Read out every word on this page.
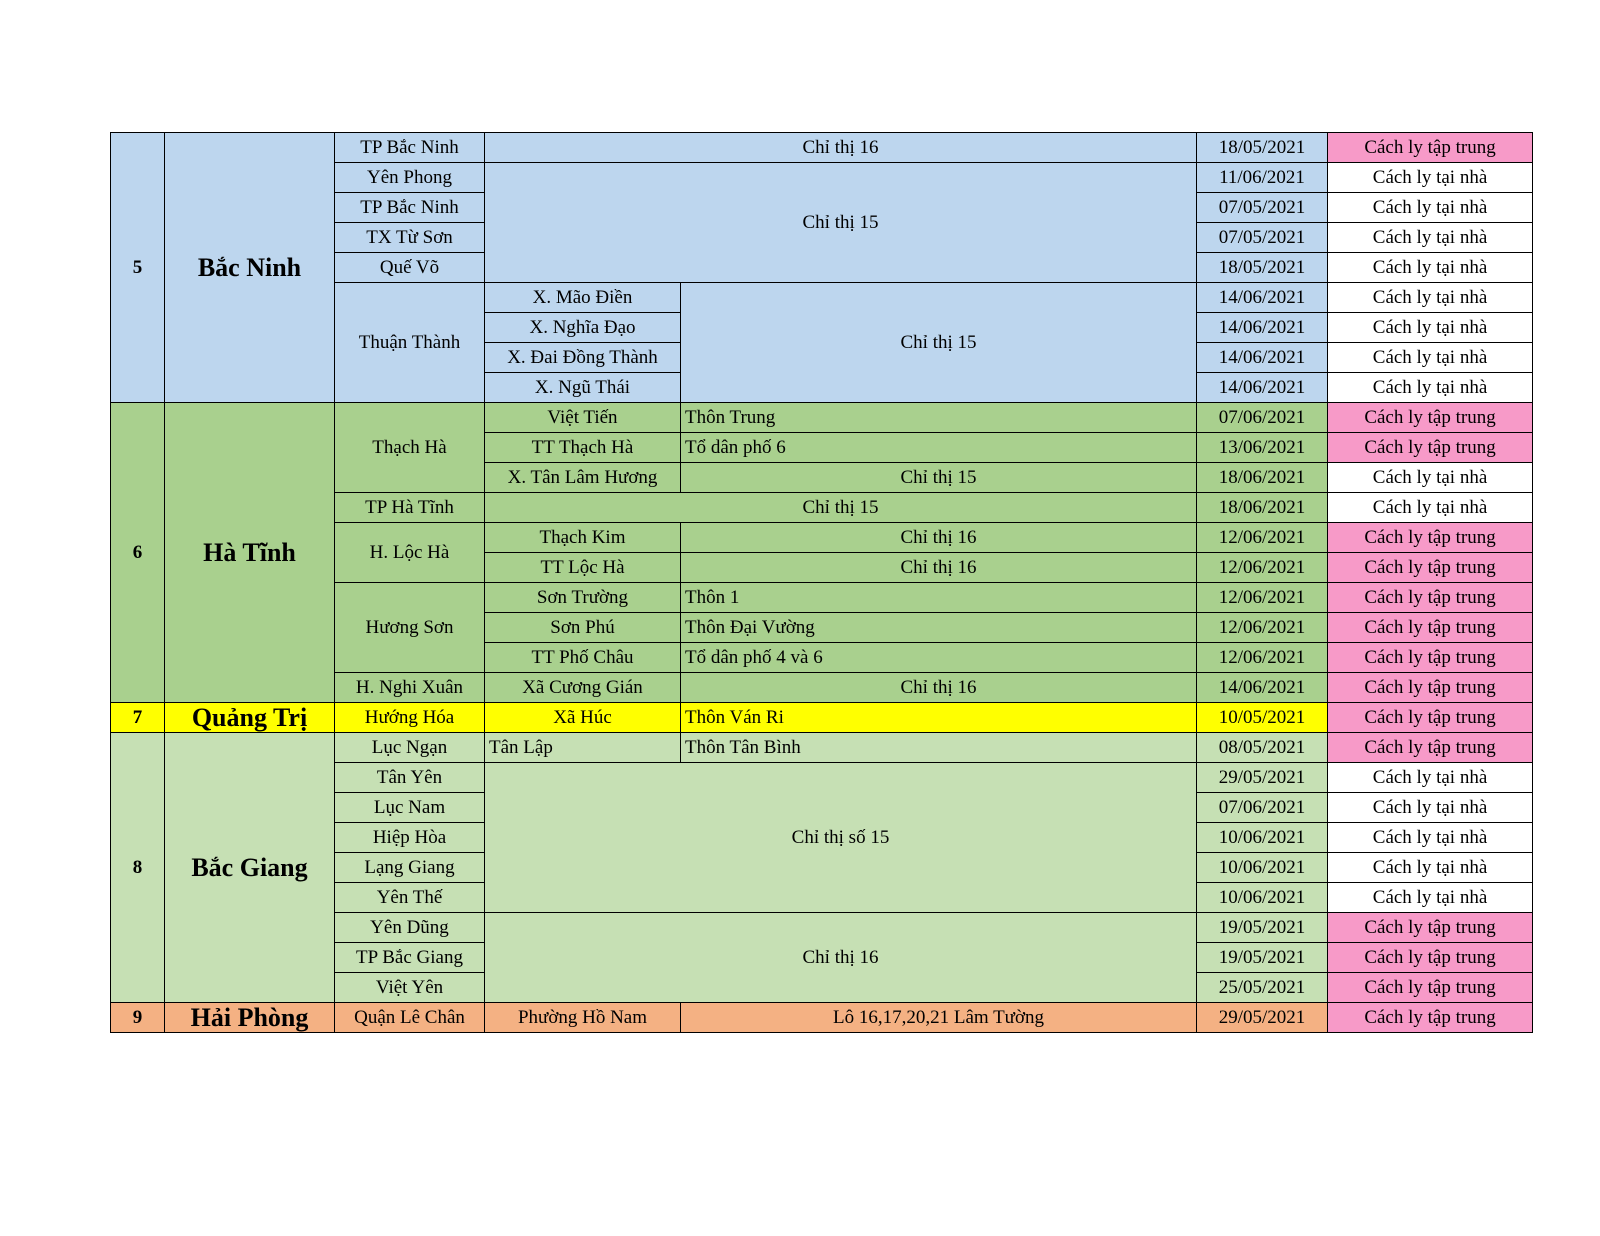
5	Bắc Ninh	TP Bắc Ninh	Chỉ thị 16		18/05/2021	Cách ly tập trung
		Yên Phong	Chỉ thị 15		11/06/2021	Cách ly tại nhà
		TP Bắc Ninh			07/05/2021	Cách ly tại nhà
		TX Từ Sơn			07/05/2021	Cách ly tại nhà
		Quế Võ			18/05/2021	Cách ly tại nhà
		Thuận Thành	X. Mão Điền	Chỉ thị 15	14/06/2021	Cách ly tại nhà
			X. Nghĩa Đạo		14/06/2021	Cách ly tại nhà
			X. Đai Đồng Thành		14/06/2021	Cách ly tại nhà
			X. Ngũ Thái		14/06/2021	Cách ly tại nhà
6	Hà Tĩnh	Thạch Hà	Việt Tiến	Thôn Trung	07/06/2021	Cách ly tập trung
			TT Thạch Hà	Tổ dân phố 6	13/06/2021	Cách ly tập trung
			X. Tân Lâm Hương	Chỉ thị 15	18/06/2021	Cách ly tại nhà
		TP Hà Tĩnh	Chỉ thị 15		18/06/2021	Cách ly tại nhà
		H. Lộc Hà	Thạch Kim	Chỉ thị 16	12/06/2021	Cách ly tập trung
			TT Lộc Hà	Chỉ thị 16	12/06/2021	Cách ly tập trung
		Hương Sơn	Sơn Trường	Thôn 1	12/06/2021	Cách ly tập trung
			Sơn Phú	Thôn Đại Vường	12/06/2021	Cách ly tập trung
			TT Phố Châu	Tổ dân phố 4 và 6	12/06/2021	Cách ly tập trung
		H. Nghi Xuân	Xã Cương Gián	Chỉ thị 16	14/06/2021	Cách ly tập trung
7	Quảng Trị	Hướng Hóa	Xã Húc	Thôn Ván Ri	10/05/2021	Cách ly tập trung
8	Bắc Giang	Lục Ngạn	Tân Lập	Thôn Tân Bình	08/05/2021	Cách ly tập trung
		Tân Yên	Chỉ thị số 15		29/05/2021	Cách ly tại nhà
		Lục Nam			07/06/2021	Cách ly tại nhà
		Hiệp Hòa			10/06/2021	Cách ly tại nhà
		Lạng Giang			10/06/2021	Cách ly tại nhà
		Yên Thế			10/06/2021	Cách ly tại nhà
		Yên Dũng	Chỉ thị 16		19/05/2021	Cách ly tập trung
		TP Bắc Giang			19/05/2021	Cách ly tập trung
		Việt Yên			25/05/2021	Cách ly tập trung
9	Hải Phòng	Quận Lê Chân	Phường Hồ Nam	Lô 16,17,20,21 Lâm Tường	29/05/2021	Cách ly tập trung
